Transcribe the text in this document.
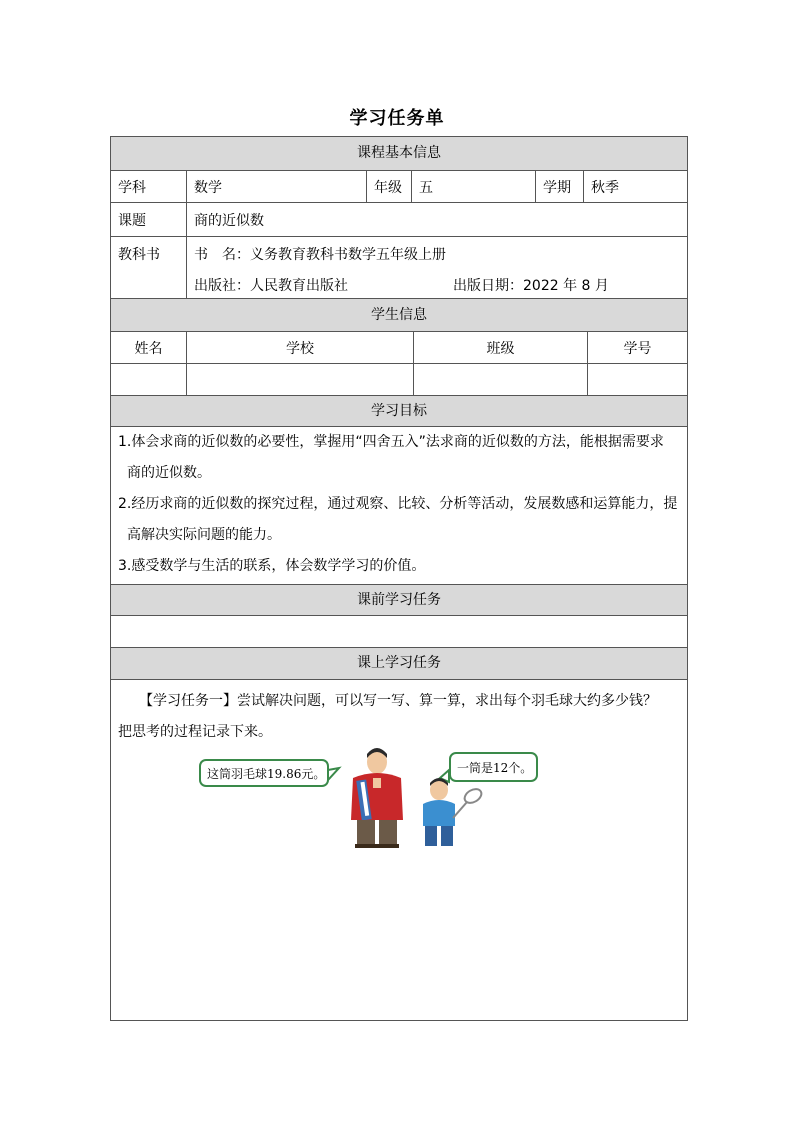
学习任务单
课程基本信息
学科	数学	年级	五	学期	秋季
课题	商的近似数
教科书	书　名：义务教育教科书数学五年级上册
出版社：人民教育出版社	出版日期：2022 年 8 月
学生信息
姓名	学校	班级	学号
学习目标
1.体会求商的近似数的必要性，掌握用“四舍五入”法求商的近似数的方法，能根据需要求
商的近似数。
2.经历求商的近似数的探究过程，通过观察、比较、分析等活动，发展数感和运算能力，提
高解决实际问题的能力。
3.感受数学与生活的联系，体会数学学习的价值。
课前学习任务
课上学习任务
【学习任务一】尝试解决问题，可以写一写、算一算，求出每个羽毛球大约多少钱？
把思考的过程记录下来。
这筒羽毛球19.86元。	一筒是12个。
